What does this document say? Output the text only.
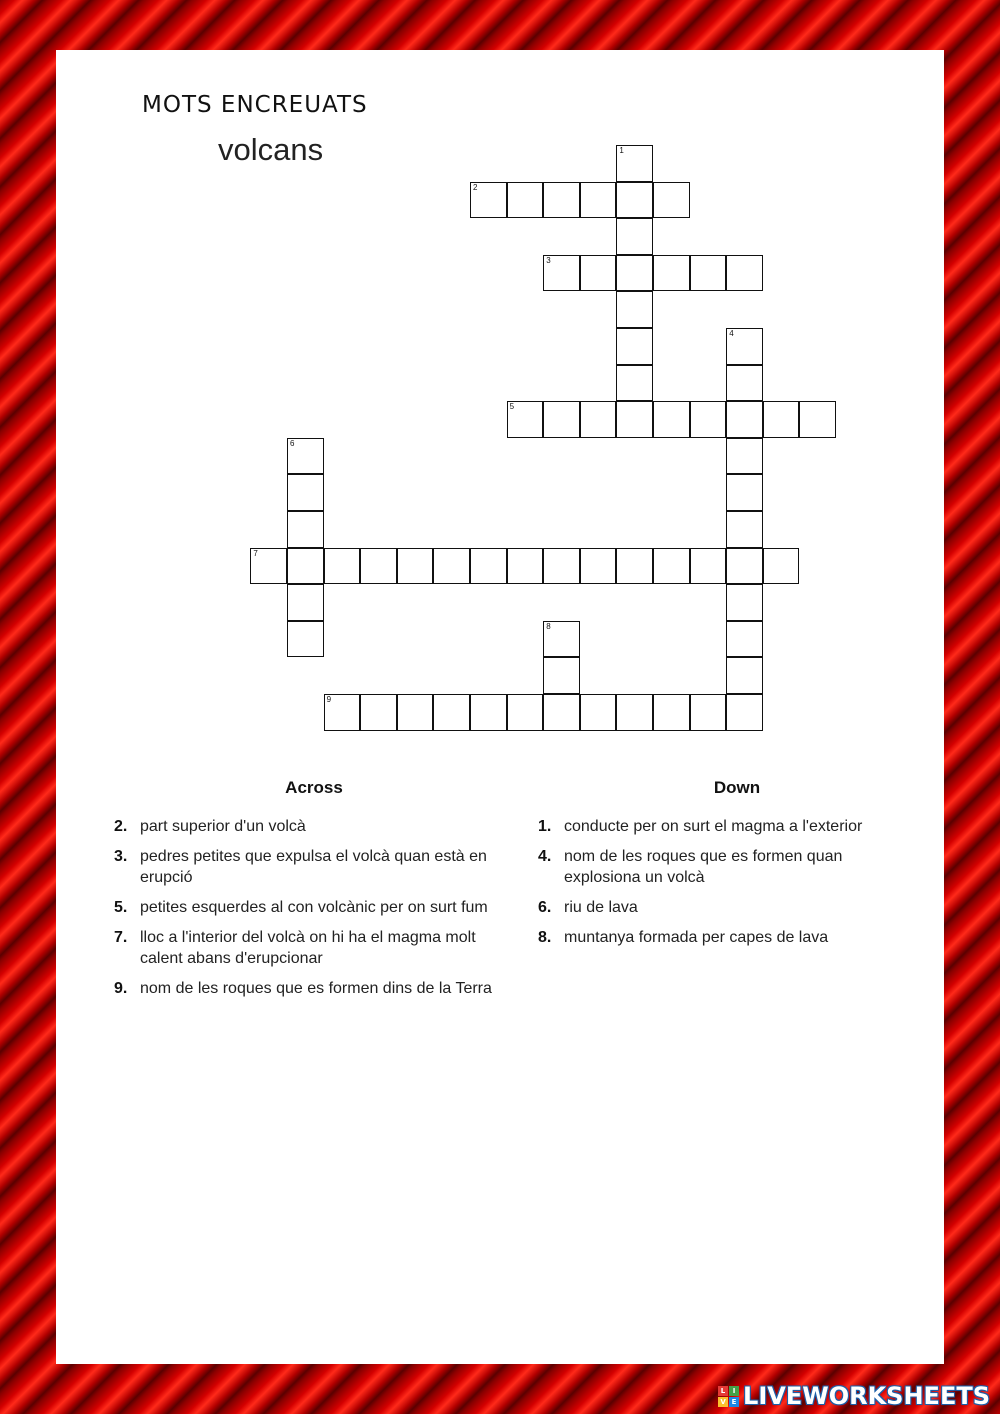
MOTS ENCREUATS
volcans	1
2
3
4
5
6
7
8
9
Across	Down
2. part superior d'un volcà
3. pedres petites que expulsa el volcà quan està en erupció
5. petites esquerdes al con volcànic per on surt fum
7. lloc a l'interior del volcà on hi ha el magma molt calent abans d'erupcionar
9. nom de les roques que es formen dins de la Terra
1. conducte per on surt el magma a l'exterior
4. nom de les roques que es formen quan explosiona un volcà
6. riu de lava
8. muntanya formada per capes de lava
L	I
V E LIVEWORKSHEETS
